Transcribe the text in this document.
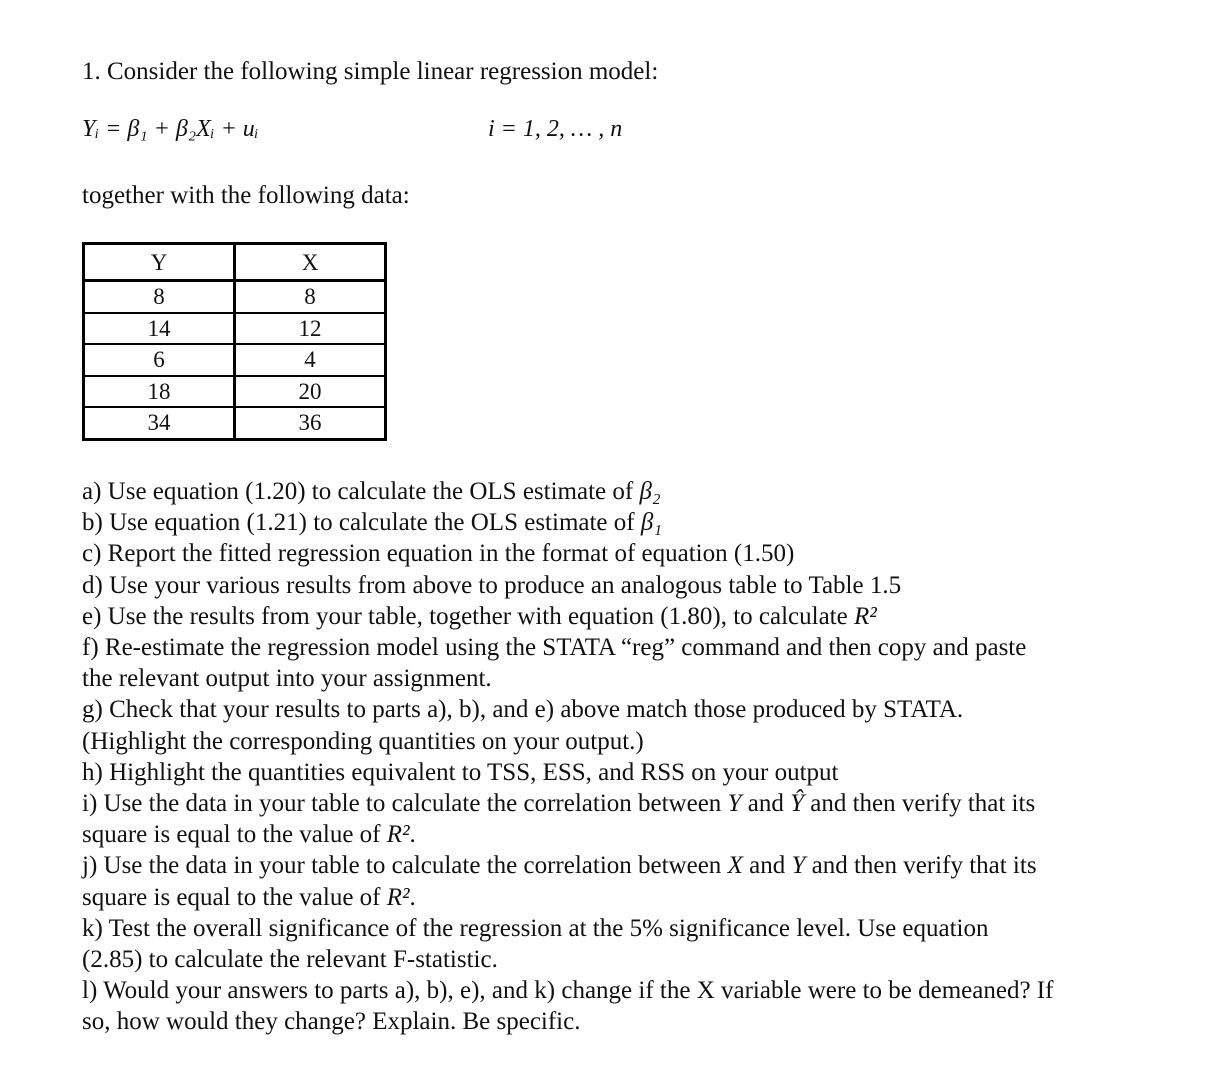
1. Consider the following simple linear regression model:
Yᵢ = β₁ + β₂Xᵢ + uᵢ	i = 1, 2, … , n
together with the following data:
Y	X
8	8
14	12
6	4
18	20
34	36

a) Use equation (1.20) to calculate the OLS estimate of β₂

b) Use equation (1.21) to calculate the OLS estimate of β₁

c) Report the fitted regression equation in the format of equation (1.50)

d) Use your various results from above to produce an analogous table to Table 1.5

e) Use the results from your table, together with equation (1.80), to calculate R²

f) Re-estimate the regression model using the STATA “reg” command and then copy and paste

the relevant output into your assignment.

g) Check that your results to parts a), b), and e) above match those produced by STATA.

(Highlight the corresponding quantities on your output.)

h) Highlight the quantities equivalent to TSS, ESS, and RSS on your output

i) Use the data in your table to calculate the correlation between Y and Ŷ and then verify that its

square is equal to the value of R².

j) Use the data in your table to calculate the correlation between X and Y and then verify that its

square is equal to the value of R².

k) Test the overall significance of the regression at the 5% significance level. Use equation

(2.85) to calculate the relevant F-statistic.

l) Would your answers to parts a), b), e), and k) change if the X variable were to be demeaned? If

so, how would they change? Explain. Be specific.
